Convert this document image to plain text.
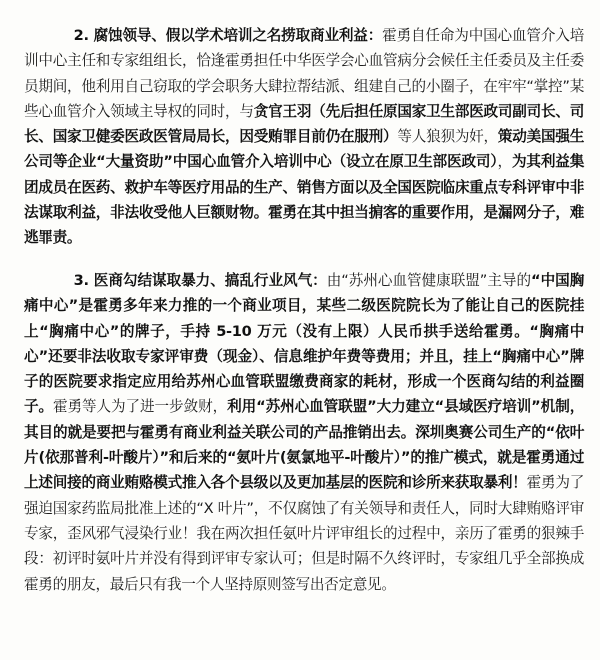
2. 腐蚀领导、假以学术培训之名捞取商业利益：霍勇自任命为中国心血管介入培训中心主任和专家组组长，恰逢霍勇担任中华医学会心血管病分会候任主任委员及主任委员期间，他利用自己窃取的学会职务大肆拉帮结派、组建自己的小圈子，在牢牢“掌控”某些心血管介入领域主导权的同时，与贪官王羽（先后担任原国家卫生部医政司副司长、司长、国家卫健委医政医管局局长，因受贿罪目前仍在服刑）等人狼狈为奸，策动美国强生公司等企业“大量资助”中国心血管介入培训中心（设立在原卫生部医政司），为其利益集团成员在医药、救护车等医疗用品的生产、销售方面以及全国医院临床重点专科评审中非法谋取利益，非法收受他人巨额财物。霍勇在其中担当掮客的重要作用，是漏网分子，难逃罪责。

3. 医商勾结谋取暴力、搞乱行业风气：由“苏州心血管健康联盟”主导的“中国胸痛中心”是霍勇多年来力推的一个商业项目，某些二级医院院长为了能让自己的医院挂上“胸痛中心”的牌子，手持 5-10 万元（没有上限）人民币拱手送给霍勇。“胸痛中心”还要非法收取专家评审费（现金）、信息维护年费等费用；并且，挂上“胸痛中心”牌子的医院要求指定应用给苏州心血管联盟缴费商家的耗材，形成一个医商勾结的利益圈子。霍勇等人为了进一步敛财，利用“苏州心血管联盟”大力建立“县域医疗培训”机制，其目的就是要把与霍勇有商业利益关联公司的产品推销出去。深圳奥赛公司生产的“依叶片(依那普利-叶酸片）”和后来的“氨叶片(氨氯地平-叶酸片）”的推广模式，就是霍勇通过上述间接的商业贿赂模式推入各个县级以及更加基层的医院和诊所来获取暴利！霍勇为了强迫国家药监局批准上述的“X 叶片”，不仅腐蚀了有关领导和责任人，同时大肆贿赂评审专家，歪风邪气浸染行业！我在两次担任氨叶片评审组长的过程中，亲历了霍勇的狠辣手段：初评时氨叶片并没有得到评审专家认可；但是时隔不久终评时，专家组几乎全部换成霍勇的朋友，最后只有我一个人坚持原则签写出否定意见。
